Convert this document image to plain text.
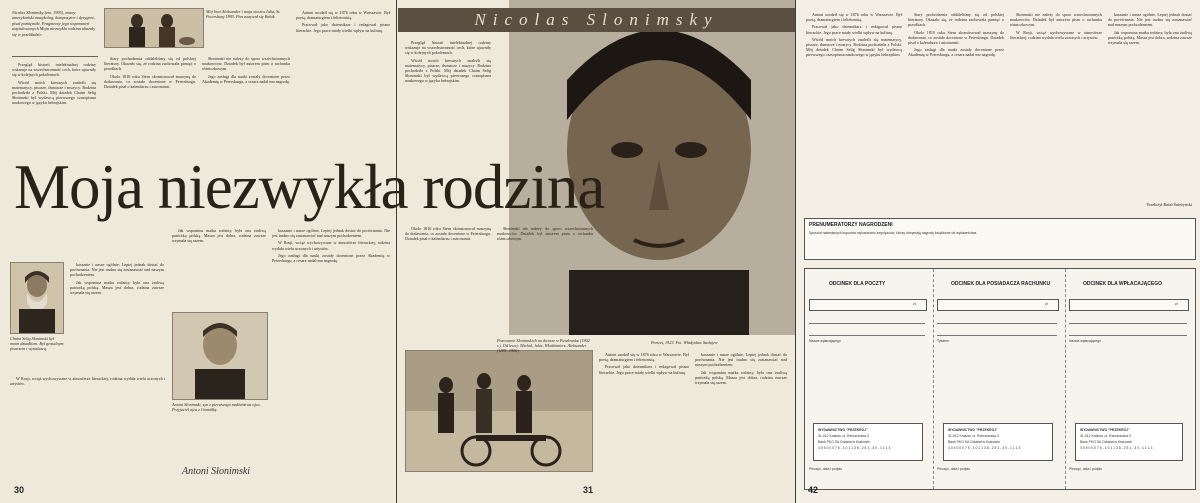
Nicolas Slonimsky (zm. 1995), znany amerykański muzykolog, kompozytor i dyrygent, pisał pamiętniki. Fragmenty jego wspomnień zatytułowanych Moja niezwykła rodzina ukazały się w przekładzie.

Przegląd historii intelektualnej rodziny wskazuje na wszechstronność cech, które ujawniły się w kolejnych pokoleniach.

Wśród moich krewnych znaleźli się matematycy, pisarze, tłumacze i muzycy. Rodzina pochodziła z Polski. Mój dziadek Chaim Selig Słonimski był wydawcą pierwszego czasopisma naukowego w języku hebrajskim.

Mój brat Aleksander i moja siostra Julia, St. Petersburg 1893. Pies nazywał się Bobik.

Stary pochodzenia oddaleliśmy się od polskiej literatury. Okazało się, że rodzina zachowała pamięć o przodkach.

Okolo 1810 roku Stern skonstruował maszynę do dodawania, co zostało docenione w Petersburgu. Dziadek pisał o kalendarzu i astronomii.

Słonimski nie należy do sporo wszechstronnych naukowców. Dziadek był autorem pism o rachunku różniczkowym.

Jego zasługi dla nauki zostały docenione przez Akademię w Petersburgu, a cesarz nadał mu nagrodę.

Antoni urodził się w 1876 roku w Warszawie. Był poetą, dramaturgiem i felietonistą.

Pracował jako dziennikarz i redagował pismo literackie. Jego prace miały wielki wpływ na kulturę.

Chaim Selig Słonimski był moim dziadkiem. Był genialnym pisarzem i wynalazcą.

kaszanie i nasze ogólnie, Lepiej jednak dostać do porównania. Nie jest trudno się zastanawiać nad naszym pochodzeniem.

Jak wspomina matka rodziny, była ona żarliwą patriotką polską. Masza jest dobra, rodzina zawsze trzymała się razem.

W Rosji, wciąż wychowywane w atmosferze literackiej, rodzina wydała wielu uczonych i artystów.

Jak wspomina matka rodziny, była ona żarliwą patriotką polską. Masza jest dobra, rodzina zawsze trzymała się razem.

Antoni Słonimski, syn z pierwszego małżeństwa ojca. Przyjaciel ojca z Gomółką.
Antoni Słonimski

kaszanie i nasze ogólnie, Lepiej jednak dostać do porównania. Nie jest trudno się zastanawiać nad naszym pochodzeniem.

W Rosji, wciąż wychowywane w atmosferze literackiej, rodzina wydała wielu uczonych i artystów.

Jego zasługi dla nauki zostały docenione przez Akademię w Petersburgu, a cesarz nadał mu nagrodę.

30
Portret, 1923. Fot. Władysław Szałajew

Przegląd historii intelektualnej rodziny wskazuje na wszechstronność cech, które ujawniły się w kolejnych pokoleniach.

Wśród moich krewnych znaleźli się matematycy, pisarze, tłumacze i muzycy. Rodzina pochodziła z Polski. Mój dziadek Chaim Selig Słonimski był wydawcą pierwszego czasopisma naukowego w języku hebrajskim.

Okolo 1810 roku Stern skonstruował maszynę do dodawania, co zostało docenione w Petersburgu. Dziadek pisał o kalendarzu i astronomii.

Słonimski nie należy do sporo wszechstronnych naukowców. Dziadek był autorem pism o rachunku różniczkowym.

Pozowanie Słonimskich na dworze w Pawłowsku (1902 r.). Od lewej: Michał, Julia, Włodzimierz, Aleksander (1881–1966).

Antoni urodził się w 1876 roku w Warszawie. Był poetą, dramaturgiem i felietonistą.

Pracował jako dziennikarz i redagował pismo literackie. Jego prace miały wielki wpływ na kulturę.

kaszanie i nasze ogólnie, Lepiej jednak dostać do porównania. Nie jest trudno się zastanawiać nad naszym pochodzeniem.

Jak wspomina matka rodziny, była ona żarliwą patriotką polską. Masza jest dobra, rodzina zawsze trzymała się razem.

31
Nicolas Slonimsky
Moja niezwykła rodzina

Antoni urodził się w 1876 roku w Warszawie. Był poetą, dramaturgiem i felietonistą.

Pracował jako dziennikarz i redagował pismo literackie. Jego prace miały wielki wpływ na kulturę.

Wśród moich krewnych znaleźli się matematycy, pisarze, tłumacze i muzycy. Rodzina pochodziła z Polski. Mój dziadek Chaim Selig Słonimski był wydawcą pierwszego czasopisma naukowego w języku hebrajskim.

Stary pochodzenia oddaleliśmy się od polskiej literatury. Okazało się, że rodzina zachowała pamięć o przodkach.

Okolo 1810 roku Stern skonstruował maszynę do dodawania, co zostało docenione w Petersburgu. Dziadek pisał o kalendarzu i astronomii.

Jego zasługi dla nauki zostały docenione przez Akademię w Petersburgu, a cesarz nadał mu nagrodę.

Słonimski nie należy do sporo wszechstronnych naukowców. Dziadek był autorem pism o rachunku różniczkowym.

W Rosji, wciąż wychowywane w atmosferze literackiej, rodzina wydała wielu uczonych i artystów.

kaszanie i nasze ogólnie, Lepiej jednak dostać do porównania. Nie jest trudno się zastanawiać nad naszym pochodzeniem.

Jak wspomina matka rodziny, była ona żarliwą patriotką polską. Masza jest dobra, rodzina zawsze trzymała się razem.

Przełożył Rafał Śnieżyński
PRENUMERATORZY NAGRODZENI
Spośród nadesłanych kuponów wylosowano zwycięzców, którzy otrzymają nagrody książkowe od wydawnictwa.
ODCINEK DLA POCZTY
zł
Nazwa wpłacającego
WYDAWNICTWO "PRZEKRÓJ"
31-012 Kraków, ul. Rzeczniczka 3
Bank PKO SA Oddział w Krakowie
3 0 5 0 0 0 7 5 - 1 0 1 1 3 8 - 2 5 1 - 3 0 - 1 1 1 3
Pieczęć, data i podpis
ODCINEK DLA POSIADACZA RACHUNKU
zł
Tytułem
WYDAWNICTWO "PRZEKRÓJ"
31-012 Kraków, ul. Rzeczniczka 3
Bank PKO SA Oddział w Krakowie
3 0 5 0 0 0 7 5 - 1 0 1 1 3 8 - 2 5 1 - 3 0 - 1 1 1 3
Pieczęć, data i podpis
ODCINEK DLA WPŁACAJĄCEGO
zł
Nazwa wpłacającego
WYDAWNICTWO "PRZEKRÓJ"
31-012 Kraków, ul. Rzeczniczka 3
Bank PKO SA Oddział w Krakowie
3 0 5 0 0 0 7 5 - 1 0 1 1 3 8 - 2 5 1 - 3 0 - 1 1 1 3
Pieczęć, data i podpis
42
